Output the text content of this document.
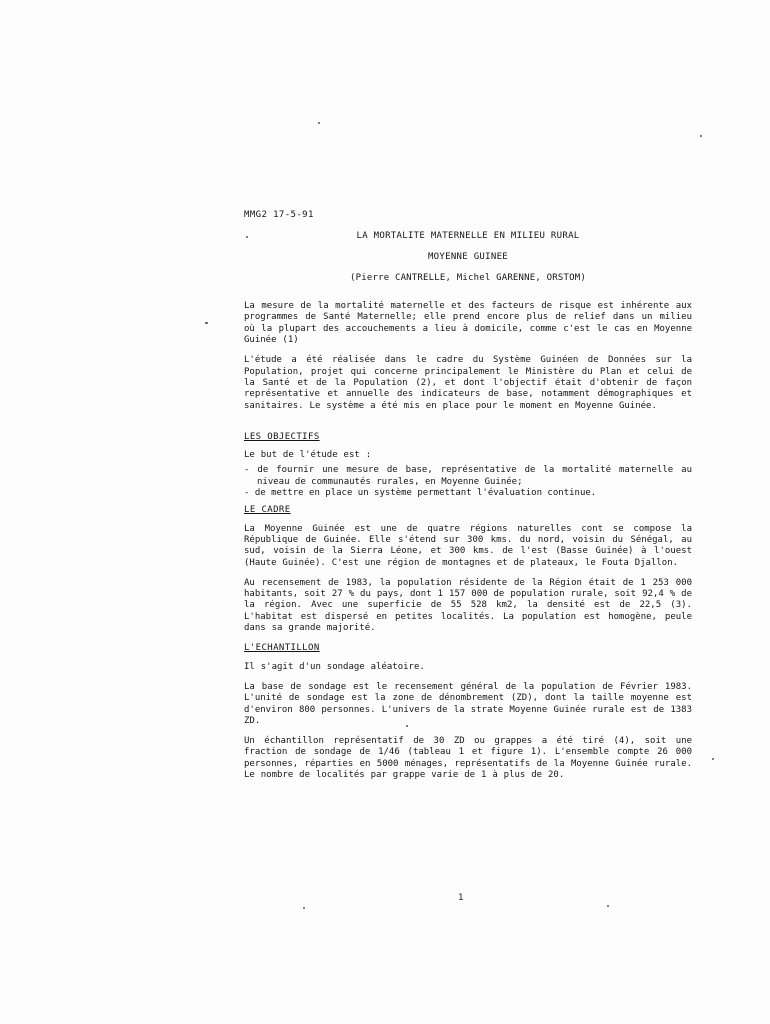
MMG2 17-5-91
LA MORTALITE MATERNELLE EN MILIEU RURAL
MOYENNE GUINEE
(Pierre CANTRELLE, Michel GARENNE, ORSTOM)

La mesure de la mortalité maternelle et des facteurs de risque est inhérente aux programmes de Santé Maternelle; elle prend encore plus de relief dans un milieu où la plupart des accouchements a lieu à domicile, comme c'est le cas en Moyenne Guinée (1)

L'étude a été réalisée dans le cadre du Système Guinéen de Données sur la Population, projet qui concerne principalement le Ministère du Plan et celui de la Santé et de la Population (2), et dont l'objectif était d'obtenir de façon représentative et annuelle des indicateurs de base, notamment démographiques et sanitaires. Le système a été mis en place pour le moment en Moyenne Guinée.

LES OBJECTIFS

Le but de l'étude est :

- de fournir une mesure de base, représentative de la mortalité maternelle au niveau de communautés rurales, en Moyenne Guinée;
- de mettre en place un système permettant l'évaluation continue.
LE CADRE

La Moyenne Guinée est une de quatre régions naturelles cont se compose la République de Guinée. Elle s'étend sur 300 kms. du nord, voisin du Sénégal, au sud, voisin de la Sierra Léone, et 300 kms. de l'est (Basse Guinée) à l'ouest (Haute Guinée). C'est une région de montagnes et de plateaux, le Fouta Djallon.

Au recensement de 1983, la population résidente de la Région était de 1 253 000 habitants, soit 27 % du pays, dont 1 157 000 de population rurale, soit 92,4 % de la région. Avec une superficie de 55 528 km2, la densité est de 22,5 (3). L'habitat est dispersé en petites localités. La population est homogène, peule dans sa grande majorité.

L'ECHANTILLON

Il s'agit d'un sondage aléatoire.

La base de sondage est le recensement général de la population de Février 1983. L'unité de sondage est la zone de dénombrement (ZD), dont la taille moyenne est d'environ 800 personnes. L'univers de la strate Moyenne Guinée rurale est de 1383 ZD.

Un échantillon représentatif de 30 ZD ou grappes a été tiré (4), soit une fraction de sondage de 1/46 (tableau 1 et figure 1). L'ensemble compte 26 000 personnes, réparties en 5000 ménages, représentatifs de la Moyenne Guinée rurale. Le nombre de localités par grappe varie de 1 à plus de 20.

1
